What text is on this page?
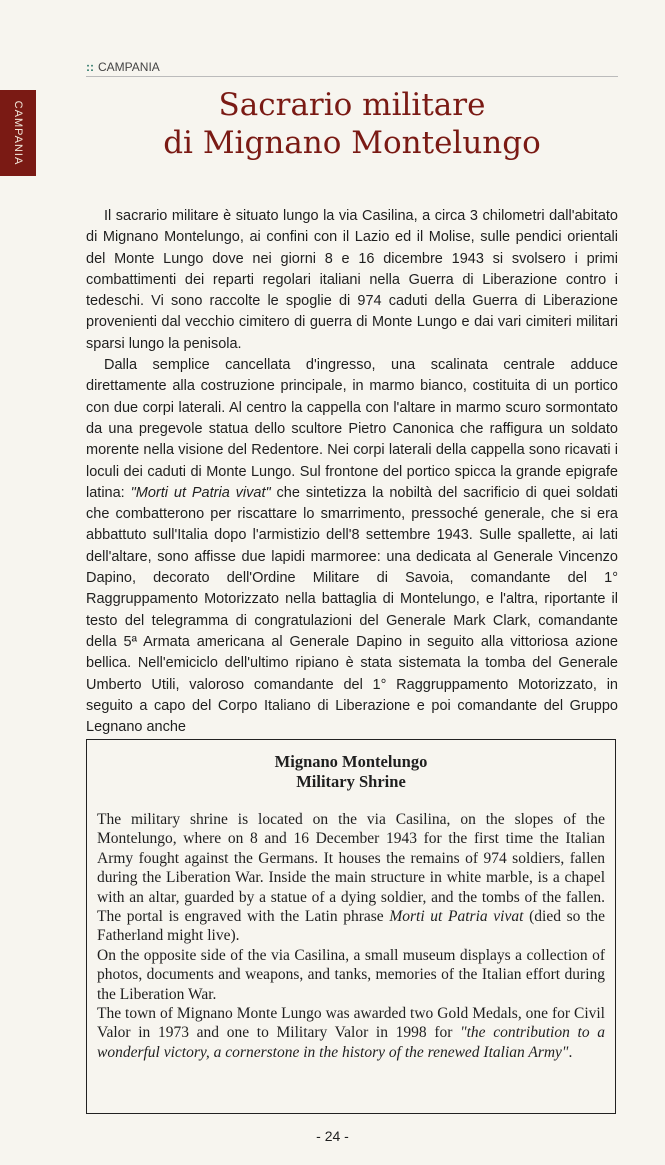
CAMPANIA
:: CAMPANIA
Sacrario militare
di Mignano Montelungo

Il sacrario militare è situato lungo la via Casilina, a circa 3 chilometri dall'abitato di Mignano Montelungo, ai confini con il Lazio ed il Molise, sulle pendici orientali del Monte Lungo dove nei giorni 8 e 16 dicembre 1943 si svolsero i primi combattimenti dei reparti regolari italiani nella Guerra di Liberazione contro i tedeschi. Vi sono raccolte le spoglie di 974 caduti della Guerra di Liberazione provenienti dal vecchio cimitero di guerra di Monte Lungo e dai vari cimiteri militari sparsi lungo la penisola.

Dalla semplice cancellata d'ingresso, una scalinata centrale adduce direttamente alla costruzione principale, in marmo bianco, costituita di un portico con due corpi laterali. Al centro la cappella con l'altare in marmo scuro sormontato da una pregevole statua dello scultore Pietro Canonica che raffigura un soldato morente nella visione del Redentore. Nei corpi laterali della cappella sono ricavati i loculi dei caduti di Monte Lungo. Sul frontone del portico spicca la grande epigrafe latina: "Morti ut Patria vivat" che sintetizza la nobiltà del sacrificio di quei soldati che combatterono per riscattare lo smarrimento, pressoché generale, che si era abbattuto sull'Italia dopo l'armistizio dell'8 settembre 1943. Sulle spallette, ai lati dell'altare, sono affisse due lapidi marmoree: una dedicata al Generale Vincenzo Dapino, decorato dell'Ordine Militare di Savoia, comandante del 1° Raggruppamento Motorizzato nella battaglia di Montelungo, e l'altra, riportante il testo del telegramma di congratulazioni del Generale Mark Clark, comandante della 5ª Armata americana al Generale Dapino in seguito alla vittoriosa azione bellica. Nell'emiciclo dell'ultimo ripiano è stata sistemata la tomba del Generale Umberto Utili, valoroso comandante del 1° Raggruppamento Motorizzato, in seguito a capo del Corpo Italiano di Liberazione e poi comandante del Gruppo Legnano anche

Mignano Montelungo
Military Shrine

The military shrine is located on the via Casilina, on the slopes of the Montelungo, where on 8 and 16 December 1943 for the first time the Italian Army fought against the Germans. It houses the remains of 974 soldiers, fallen during the Liberation War. Inside the main structure in white marble, is a chapel with an altar, guarded by a statue of a dying soldier, and the tombs of the fallen. The portal is engraved with the Latin phrase Morti ut Patria vivat (died so the Fatherland might live).

On the opposite side of the via Casilina, a small museum displays a collection of photos, documents and weapons, and tanks, memories of the Italian effort during the Liberation War.

The town of Mignano Monte Lungo was awarded two Gold Medals, one for Civil Valor in 1973 and one to Military Valor in 1998 for "the contribution to a wonderful victory, a cornerstone in the history of the renewed Italian Army".

- 24 -
